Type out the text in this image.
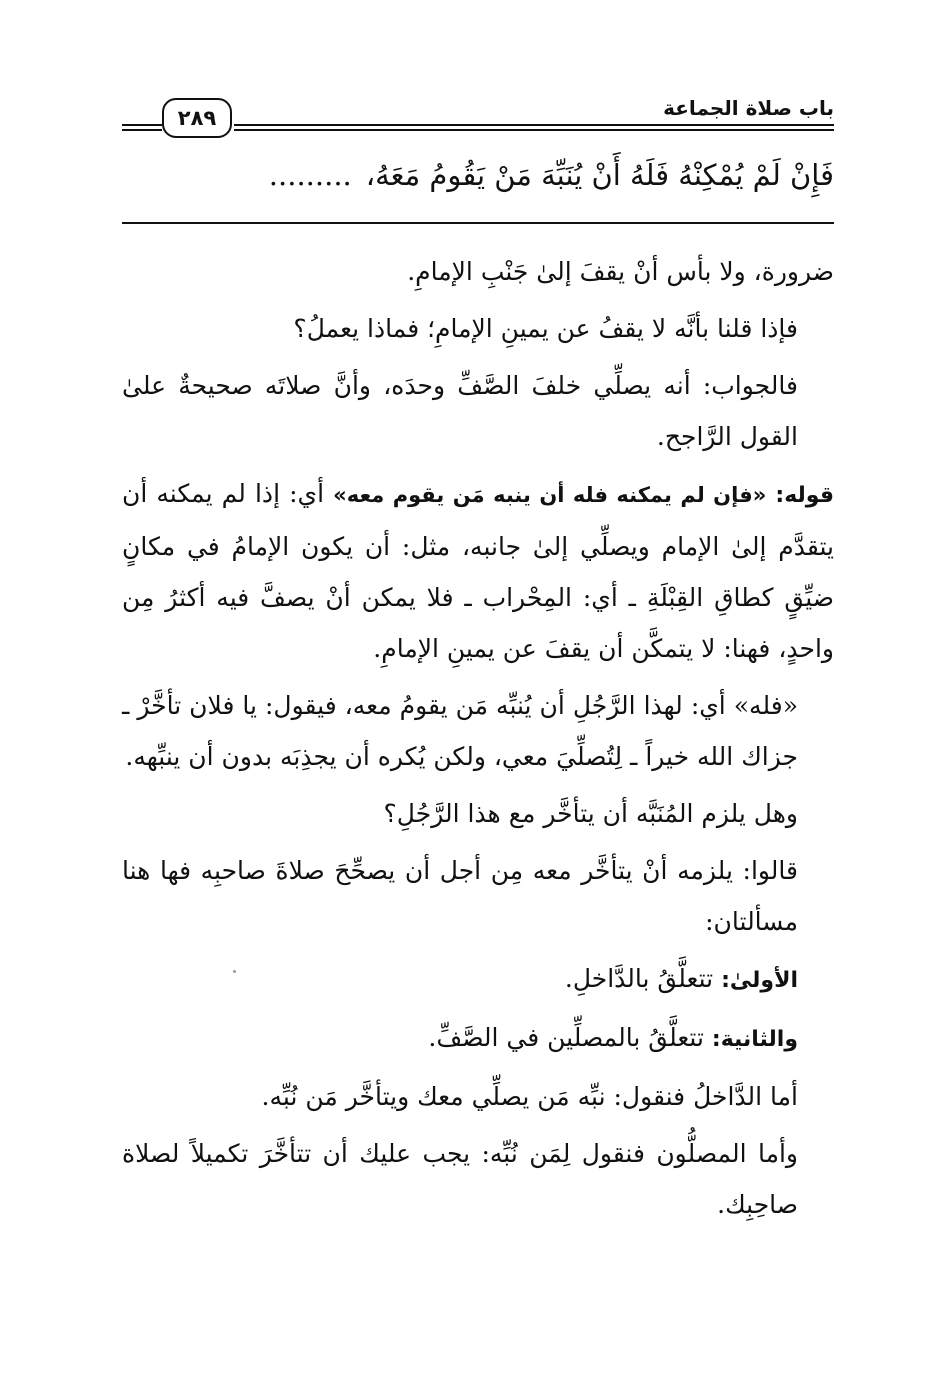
باب صلاة الجماعة
٢٨٩
فَإِنْ لَمْ يُمْكِنْهُ فَلَهُ أَنْ يُنَبِّهَ مَنْ يَقُومُ مَعَهُ،.........

ضرورة، ولا بأس أنْ يقفَ إلىٰ جَنْبِ الإمامِ.

فإذا قلنا بأنَّه لا يقفُ عن يمينِ الإمامِ؛ فماذا يعملُ؟

فالجواب: أنه يصلِّي خلفَ الصَّفِّ وحدَه، وأنَّ صلاتَه صحيحةٌ علىٰ القول الرَّاجح.

قوله: «فإن لم يمكنه فله أن ينبه مَن يقوم معه» أي: إذا لم يمكنه أن يتقدَّم إلىٰ الإمام ويصلِّي إلىٰ جانبه، مثل: أن يكون الإمامُ في مكانٍ ضيِّقٍ كطاقِ القِبْلَةِ ـ أي: المِحْراب ـ فلا يمكن أنْ يصفَّ فيه أكثرُ مِن واحدٍ، فهنا: لا يتمكَّن أن يقفَ عن يمينِ الإمامِ.

«فله» أي: لهذا الرَّجُلِ أن يُنبِّه مَن يقومُ معه، فيقول: يا فلان تأخَّرْ ـ جزاك الله خيراً ـ لِتُصلِّيَ معي، ولكن يُكره أن يجذِبَه بدون أن ينبِّهه.

وهل يلزم المُنَبَّه أن يتأخَّر مع هذا الرَّجُلِ؟

قالوا: يلزمه أنْ يتأخَّر معه مِن أجل أن يصحِّحَ صلاةَ صاحبِه فها هنا مسألتان:

الأولىٰ: تتعلَّقُ بالدَّاخلِ.

والثانية: تتعلَّقُ بالمصلِّين في الصَّفِّ.

أما الدَّاخلُ فنقول: نبِّه مَن يصلِّي معك ويتأخَّر مَن نُبِّه.

وأما المصلُّون فنقول لِمَن نُبِّه: يجب عليك أن تتأخَّرَ تكميلاً لصلاة صاحِبِك.
